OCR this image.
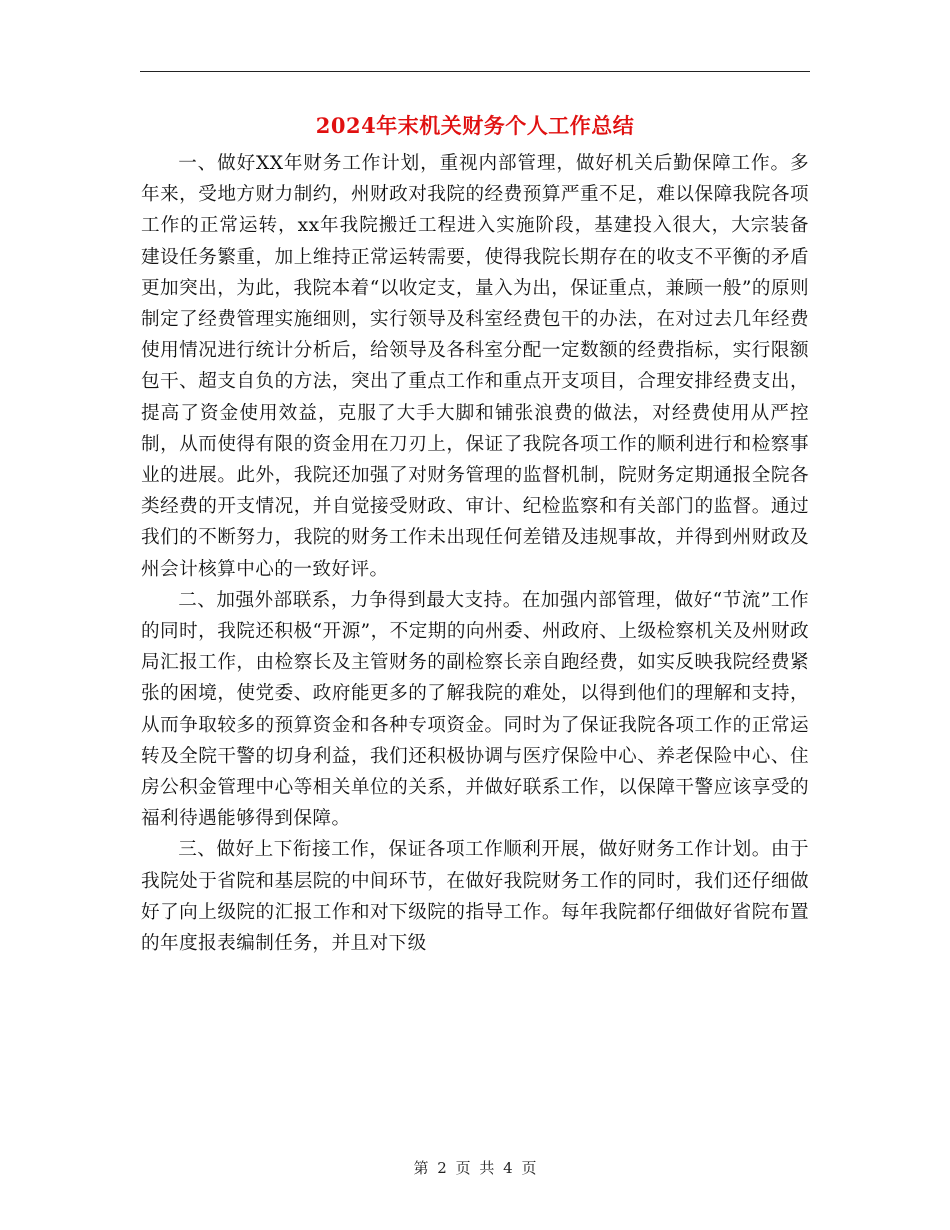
2024年末机关财务个人工作总结

一、做好XX年财务工作计划，重视内部管理，做好机关后勤保障工作。多年来，受地方财力制约，州财政对我院的经费预算严重不足，难以保障我院各项工作的正常运转，xx年我院搬迁工程进入实施阶段，基建投入很大，大宗装备建设任务繁重，加上维持正常运转需要，使得我院长期存在的收支不平衡的矛盾更加突出，为此，我院本着“以收定支，量入为出，保证重点，兼顾一般”的原则制定了经费管理实施细则，实行领导及科室经费包干的办法，在对过去几年经费使用情况进行统计分析后，给领导及各科室分配一定数额的经费指标，实行限额包干、超支自负的方法，突出了重点工作和重点开支项目，合理安排经费支出，提高了资金使用效益，克服了大手大脚和铺张浪费的做法，对经费使用从严控制，从而使得有限的资金用在刀刃上，保证了我院各项工作的顺利进行和检察事业的进展。此外，我院还加强了对财务管理的监督机制，院财务定期通报全院各类经费的开支情况，并自觉接受财政、审计、纪检监察和有关部门的监督。通过我们的不断努力，我院的财务工作未出现任何差错及违规事故，并得到州财政及州会计核算中心的一致好评。

二、加强外部联系，力争得到最大支持。在加强内部管理，做好“节流”工作的同时，我院还积极“开源”，不定期的向州委、州政府、上级检察机关及州财政局汇报工作，由检察长及主管财务的副检察长亲自跑经费，如实反映我院经费紧张的困境，使党委、政府能更多的了解我院的难处，以得到他们的理解和支持，从而争取较多的预算资金和各种专项资金。同时为了保证我院各项工作的正常运转及全院干警的切身利益，我们还积极协调与医疗保险中心、养老保险中心、住房公积金管理中心等相关单位的关系，并做好联系工作，以保障干警应该享受的福利待遇能够得到保障。

三、做好上下衔接工作，保证各项工作顺利开展，做好财务工作计划。由于我院处于省院和基层院的中间环节，在做好我院财务工作的同时，我们还仔细做好了向上级院的汇报工作和对下级院的指导工作。每年我院都仔细做好省院布置的年度报表编制任务，并且对下级

第 2 页 共 4 页
